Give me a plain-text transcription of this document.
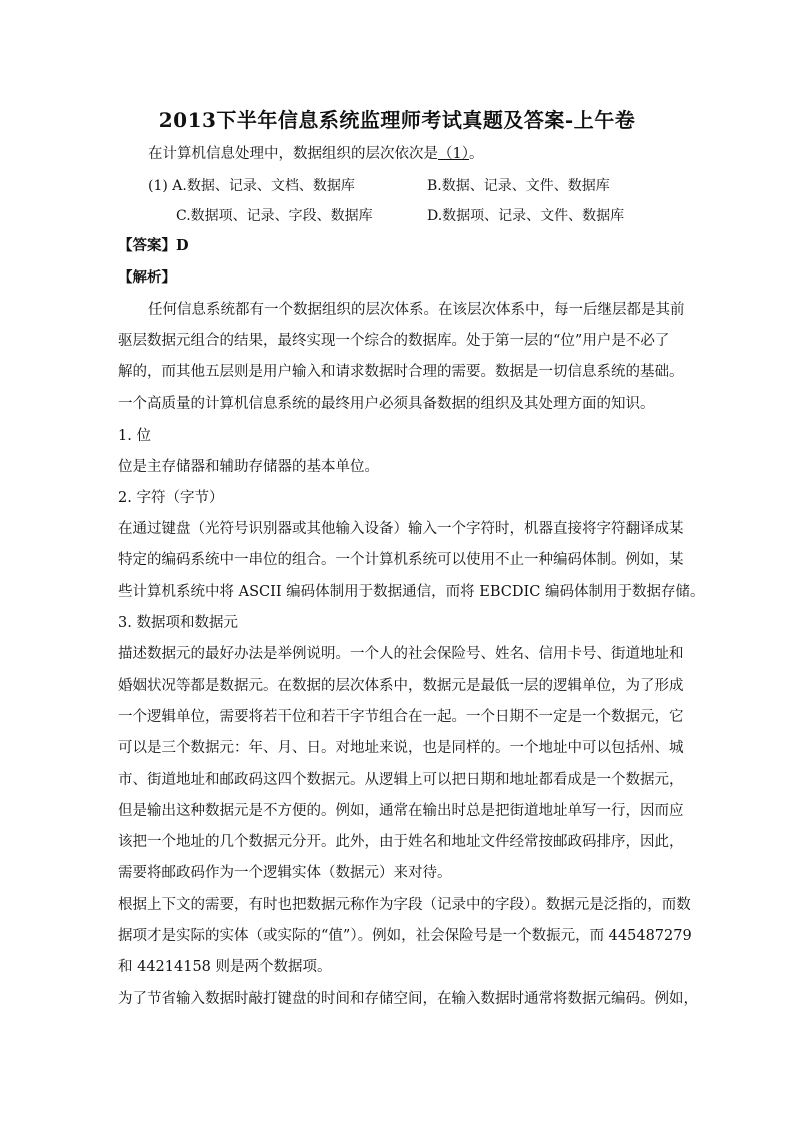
2013下半年信息系统监理师考试真题及答案-上午卷
在计算机信息处理中，数据组织的层次依次是（1）。
(1) A.数据、记录、文档、数据库	B.数据、记录、文件、数据库
C.数据项、记录、字段、数据库	D.数据项、记录、文件、数据库
【答案】D
【解析】
任何信息系统都有一个数据组织的层次体系。在该层次体系中，每一后继层都是其前
驱层数据元组合的结果，最终实现一个综合的数据库。处于第一层的“位”用户是不必了
解的，而其他五层则是用户输入和请求数据时合理的需要。数据是一切信息系统的基础。
一个高质量的计算机信息系统的最终用户必须具备数据的组织及其处理方面的知识。
1. 位
位是主存储器和辅助存储器的基本单位。
2. 字符（字节）
在通过键盘（光符号识别器或其他输入设备）输入一个字符时，机器直接将字符翻译成某
特定的编码系统中一串位的组合。一个计算机系统可以使用不止一种编码体制。例如，某
些计算机系统中将 ASCII 编码体制用于数据通信，而将 EBCDIC 编码体制用于数据存储。
3. 数据项和数据元
描述数据元的最好办法是举例说明。一个人的社会保险号、姓名、信用卡号、街道地址和
婚姻状况等都是数据元。在数据的层次体系中，数据元是最低一层的逻辑单位，为了形成
一个逻辑单位，需要将若干位和若干字节组合在一起。一个日期不一定是一个数据元，它
可以是三个数据元：年、月、日。对地址来说，也是同样的。一个地址中可以包括州、城
市、街道地址和邮政码这四个数据元。从逻辑上可以把日期和地址都看成是一个数据元，
但是输出这种数据元是不方便的。例如，通常在输出时总是把街道地址单写一行，因而应
该把一个地址的几个数据元分开。此外，由于姓名和地址文件经常按邮政码排序，因此，
需要将邮政码作为一个逻辑实体（数据元）来对待。
根据上下文的需要，有时也把数据元称作为字段（记录中的字段）。数据元是泛指的，而数
据项才是实际的实体（或实际的“值”）。例如，社会保险号是一个数振元，而 445487279
和 44214158 则是两个数据项。
为了节省输入数据时敲打键盘的时间和存储空间，在输入数据时通常将数据元编码。例如，
